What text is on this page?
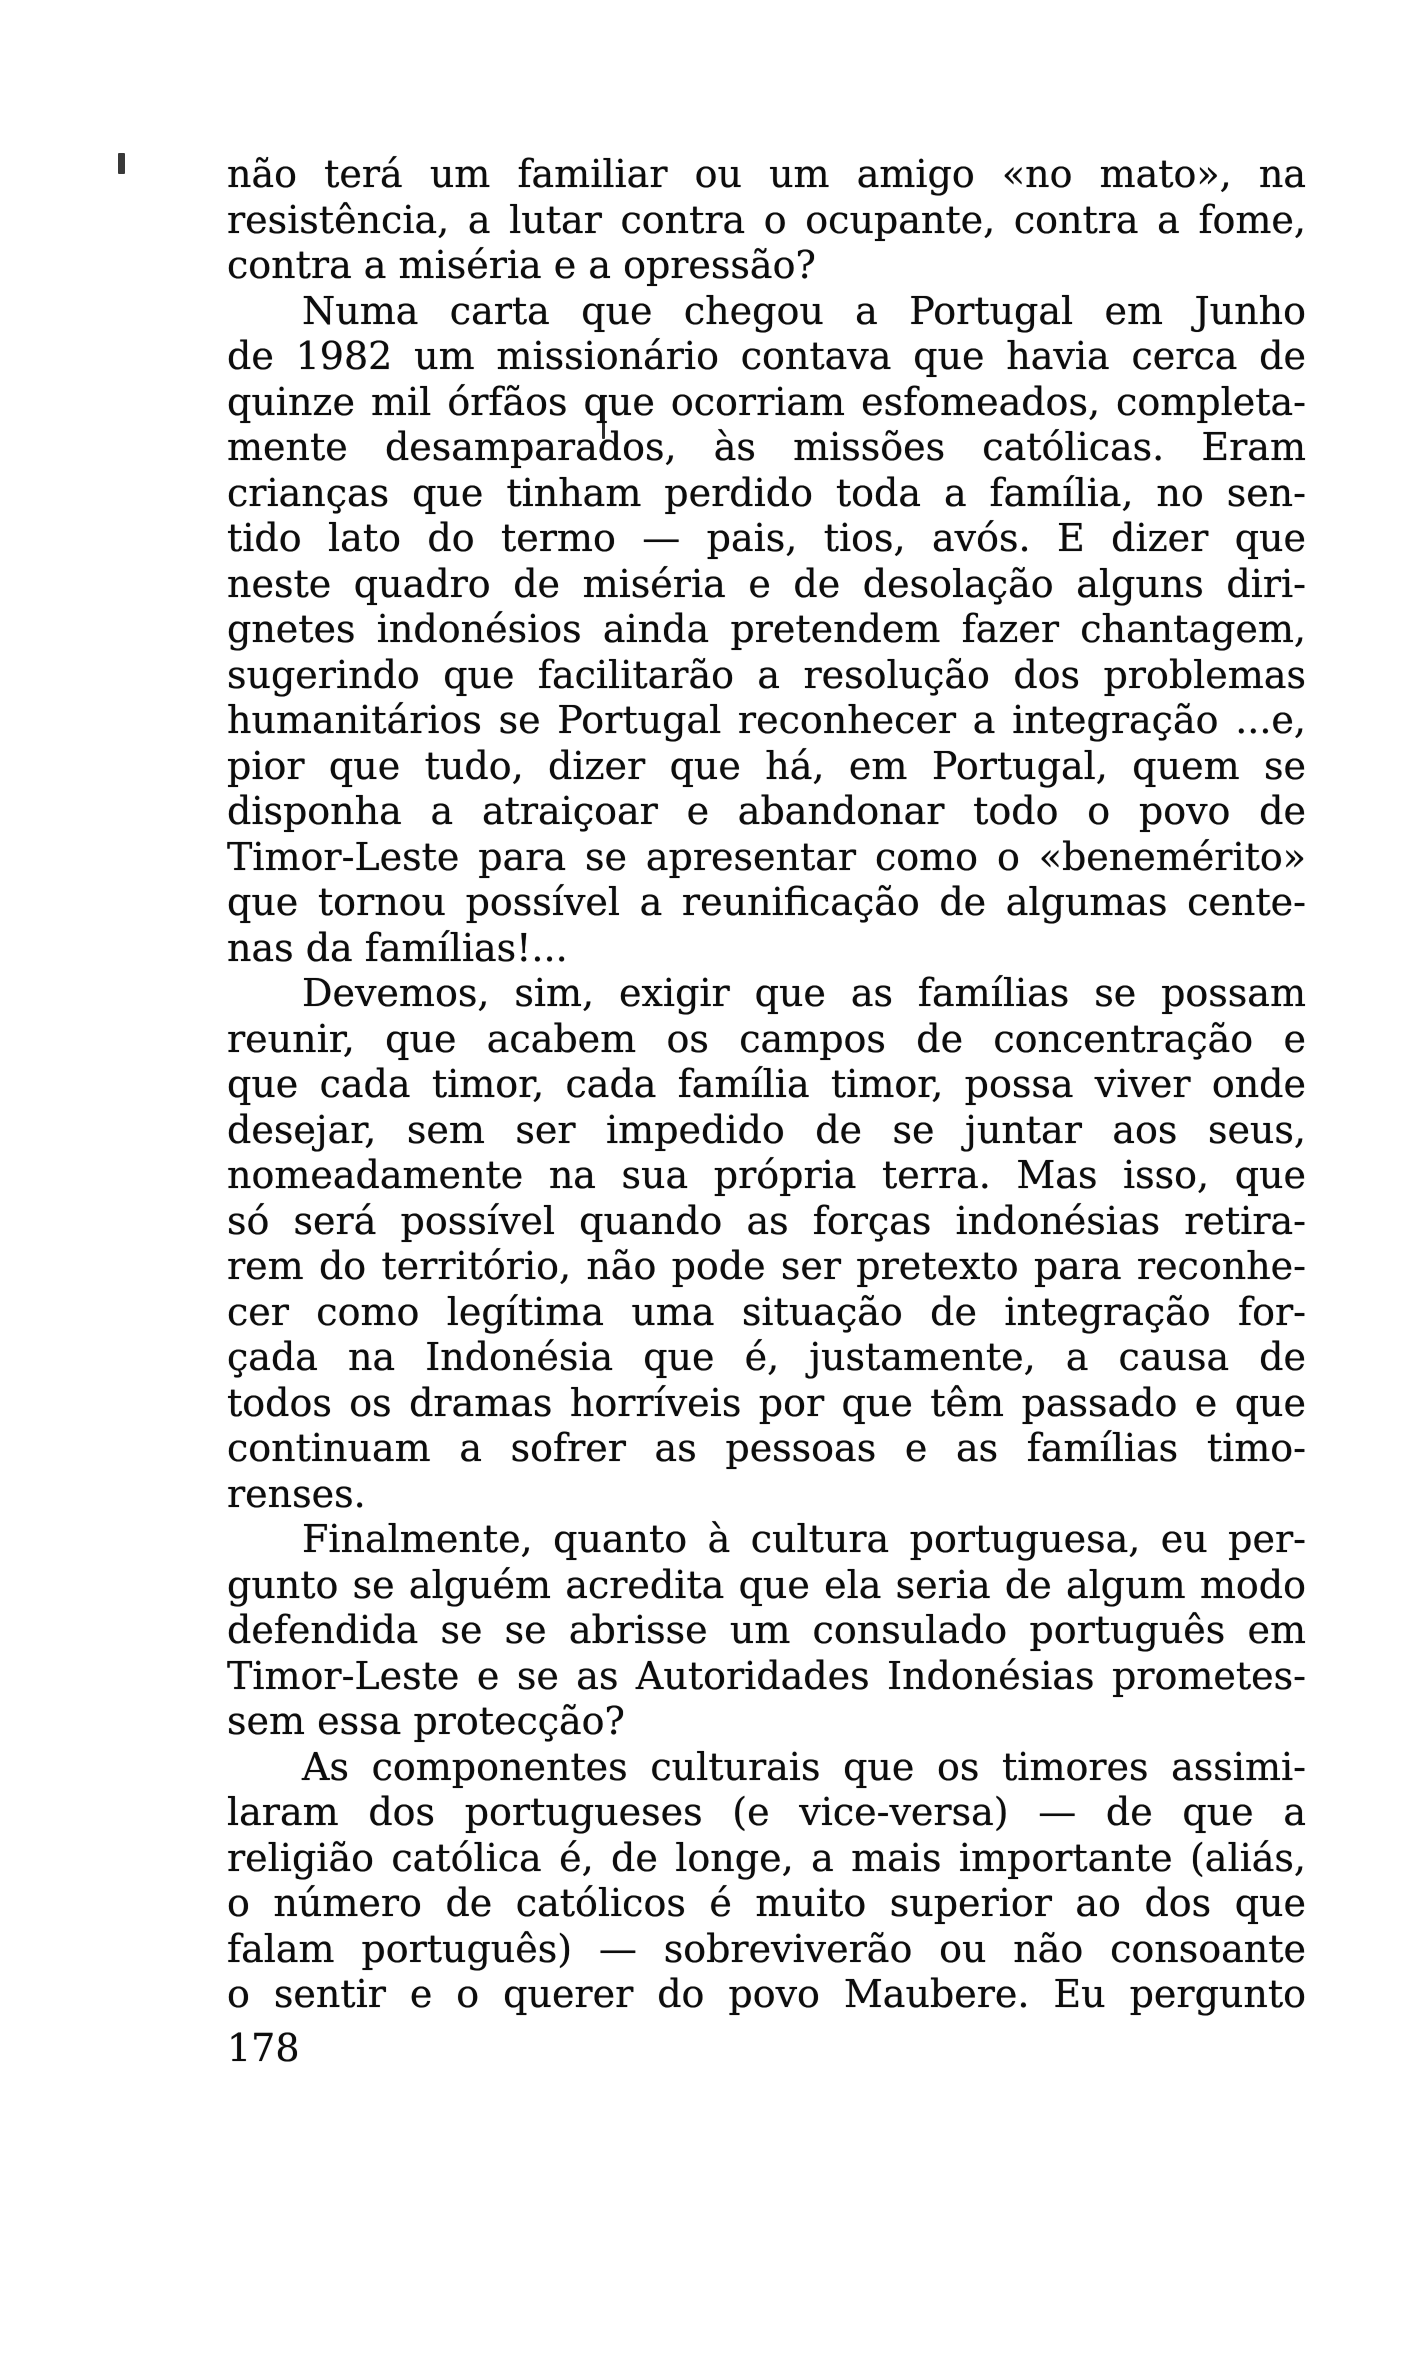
não terá um familiar ou um amigo «no mato», na
resistência, a lutar contra o ocupante, contra a fome,
contra a miséria e a opressão?
Numa carta que chegou a Portugal em Junho
de 1982 um missionário contava que havia cerca de
quinze mil órfãos que ocorriam esfomeados, completa-
mente desamparados, às missões católicas. Eram
crianças que tinham perdido toda a família, no sen-
tido lato do termo — pais, tios, avós. E dizer que
neste quadro de miséria e de desolação alguns diri-
gnetes indonésios ainda pretendem fazer chantagem,
sugerindo que facilitarão a resolução dos problemas
humanitários se Portugal reconhecer a integração ...e,
pior que tudo, dizer que há, em Portugal, quem se
disponha a atraiçoar e abandonar todo o povo de
Timor-Leste para se apresentar como o «benemérito»
que tornou possível a reunificação de algumas cente-
nas da famílias!...
Devemos, sim, exigir que as famílias se possam
reunir, que acabem os campos de concentração e
que cada timor, cada família timor, possa viver onde
desejar, sem ser impedido de se juntar aos seus,
nomeadamente na sua própria terra. Mas isso, que
só será possível quando as forças indonésias retira-
rem do território, não pode ser pretexto para reconhe-
cer como legítima uma situação de integração for-
çada na Indonésia que é, justamente, a causa de
todos os dramas horríveis por que têm passado e que
continuam a sofrer as pessoas e as famílias timo-
renses.
Finalmente, quanto à cultura portuguesa, eu per-
gunto se alguém acredita que ela seria de algum modo
defendida se se abrisse um consulado português em
Timor-Leste e se as Autoridades Indonésias prometes-
sem essa protecção?
As componentes culturais que os timores assimi-
laram dos portugueses (e vice-versa) — de que a
religião católica é, de longe, a mais importante (aliás,
o número de católicos é muito superior ao dos que
falam português) — sobreviverão ou não consoante
o sentir e o querer do povo Maubere. Eu pergunto
178
